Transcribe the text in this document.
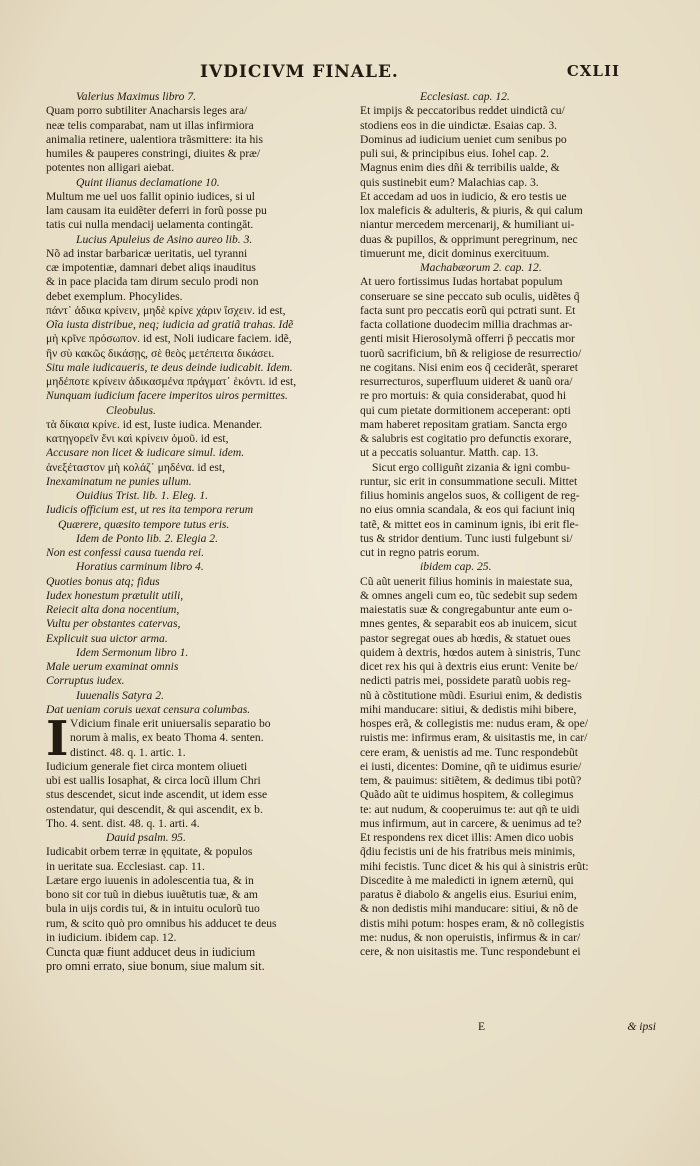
IVDICIVM FINALE.	CXLII
Valerius Maximus libro 7.
Quam porro subtiliter Anacharsis leges ara/
neæ telis comparabat, nam ut illas infirmiora
animalia retinere, ualentiora trãsmittere: ita his
humiles & pauperes constringi, diuites & præ/
potentes non alligari aiebat.
Quint ilianus declamatione 10.
Multum me uel uos fallit opinio iudices, si ul
lam causam ita euidẽter deferri in forũ posse pu
tatis cui nulla mendacij uelamenta contingăt.
Lucius Apuleius de Asino aureo lib. 3.
Nõ ad instar barbaricæ ueritatis, uel tyranni
cæ impotentiæ, damnari debet aliqs inauditus
& in pace placida tam dirum seculo prodi non
debet exemplum. Phocylides.
πάντ᾽ ἀδικα κρίνειν, μηδὲ κρίνε χάριν ἴσχειν. id est,
Oĩa iusta distribue, neq; iudicia ad gratiã trahas. Idẽ
μὴ κρῖνε πρόσωπον. id est, Noli iudicare faciem. idẽ,
ἢν σὺ κακῶς δικάσῃς, σὲ θεὸς μετέπειτα δικάσει.
Situ male iudicaueris, te deus deinde iudicabit. Idem.
μηδέποτε κρίνειν ἀδικασμένα πράγματ᾽ ἑκόντι. id est,
Nunquam iudicium facere imperitos uiros permittes.
Cleobulus.
τὰ δίκαια κρίνε. id est, Iuste iudica. Menander.
κατηγορεῖν ἔνι καὶ κρίνειν ὁμοῦ. id est,
Accusare non licet & iudicare simul. idem.
ἀνεξέταστον μὴ κολάζ᾽ μηδένα. id est,
Inexaminatum ne punies ullum.
Ouidius Trist. lib. 1. Eleg. 1.
Iudicis officium est, ut res ita tempora rerum
Quærere, quæsito tempore tutus eris.
Idem de Ponto lib. 2. Elegia 2.
Non est confessi causa tuenda rei.
Horatius carminum libro 4.
Quoties bonus atq; fidus
Iudex honestum prætulit utili,
Reiecit alta dona nocentium,
Vultu per obstantes catervas,
Explicuit sua uictor arma.
Idem Sermonum libro 1.
Male uerum examinat omnis
Corruptus iudex.
Iuuenalis Satyra 2.
Dat ueniam coruis uexat censura columbas.
I Vdicium finale erit uniuersalis separatio bo
norum à malis, ex beato Thoma 4. senten.
distinct. 48. q. 1. artic. 1.
Iudicium generale fiet circa montem oliueti
ubi est uallis Iosaphat, & circa locũ illum Chri
stus descendet, sicut inde ascendit, ut idem esse
ostendatur, qui descendit, & qui ascendit, ex b.
Tho. 4. sent. dist. 48. q. 1. arti. 4.
Dauid psalm. 95.
Iudicabit orbem terræ in ęquitate, & populos
in ueritate sua. Ecclesiast. cap. 11.
Lætare ergo iuuenis in adolescentia tua, & in
bono sit cor tuũ in diebus iuuẽtutis tuæ, & am
bula in uijs cordis tui, & in intuitu oculorũ tuo
rum, & scito quò pro omnibus his adducet te deus
in iudicium. ibidem cap. 12.
Cuncta quæ fiunt adducet deus in iudicium
pro omni errato, siue bonum, siue malum sit.
Ecclesiast. cap. 12.
Et impijs & peccatoribus reddet uindictã cu/
stodiens eos in die uindictæ. Esaias cap. 3.
Dominus ad iudicium ueniet cum senibus po
puli sui, & principibus eius. Iohel cap. 2.
Magnus enim dies dñi & terribilis ualde, &
quis sustinebit eum? Malachias cap. 3.
Et accedam ad uos in iudicio, & ero testis ue
lox maleficis & adulteris, & piuris, & qui calum
niantur mercedem mercenarij, & humiliant ui-
duas & pupillos, & opprimunt peregrinum, nec
timuerunt me, dicit dominus exercituum.
Machabæorum 2. cap. 12.
At uero fortissimus Iudas hortabat populum
conseruare se sine peccato sub oculis, uidẽtes q̃
facta sunt pro peccatis eorũ qui pctrati sunt. Et
facta collatione duodecim millia drachmas ar-
genti misit Hierosolymã offerri p̃ peccatis mor
tuorũ sacrificium, bñ & religiose de resurrectio/
ne cogitans. Nisi enim eos q̃ ceciderãt, speraret
resurrecturos, superfluum uideret & uanũ ora/
re pro mortuis: & quia considerabat, quod hi
qui cum pietate dormitionem acceperant: opti
mam haberet repositam gratiam. Sancta ergo
& salubris est cogitatio pro defunctis exorare,
ut a peccatis soluantur. Matth. cap. 13.
Sicut ergo colliguñt zizania & igni combu-
runtur, sic erit in consummatione seculi. Mittet
filius hominis angelos suos, & colligent de reg-
no eius omnia scandala, & eos qui faciunt iniq
tatẽ, & mittet eos in caminum ignis, ibi erit fle-
tus & stridor dentium. Tunc iusti fulgebunt si/
cut in regno patris eorum.
ibidem cap. 25.
Cũ aũt uenerit filius hominis in maiestate sua,
& omnes angeli cum eo, tũc sedebit sup sedem
maiestatis suæ & congregabuntur ante eum o-
mnes gentes, & separabit eos ab inuicem, sicut
pastor segregat oues ab hœdis, & statuet oues
quidem à dextris, hœdos autem à sinistris, Tunc
dicet rex his qui à dextris eius erunt: Venite be/
nedicti patris mei, possidete paratũ uobis reg-
nũ à cõstitutione mũdi. Esuriui enim, & dedistis
mihi manducare: sitiui, & dedistis mihi bibere,
hospes erã, & collegistis me: nudus eram, & ope/
ruistis me: infirmus eram, & uisitastis me, in car/
cere eram, & uenistis ad me. Tunc respondebũt
ei iusti, dicentes: Domine, qñ te uidimus esurie/
tem, & pauimus: sitiẽtem, & dedimus tibi potũ?
Quãdo aũt te uidimus hospitem, & collegimus
te: aut nudum, & cooperuimus te: aut qñ te uidi
mus infirmum, aut in carcere, & uenimus ad te?
Et respondens rex dicet illis: Amen dico uobis
q̃diu fecistis uni de his fratribus meis minimis,
mihi fecistis. Tunc dicet & his qui à sinistris erũt:
Discedite à me maledicti in ignem æternũ, qui
paratus ẽ diabolo & angelis eius. Esuriui enim,
& non dedistis mihi manducare: sitiui, & nõ de
distis mihi potum: hospes eram, & nõ collegistis
me: nudus, & non operuistis, infirmus & in car/
cere, & non uisitastis me. Tunc respondebunt ei
E	& ipsi
